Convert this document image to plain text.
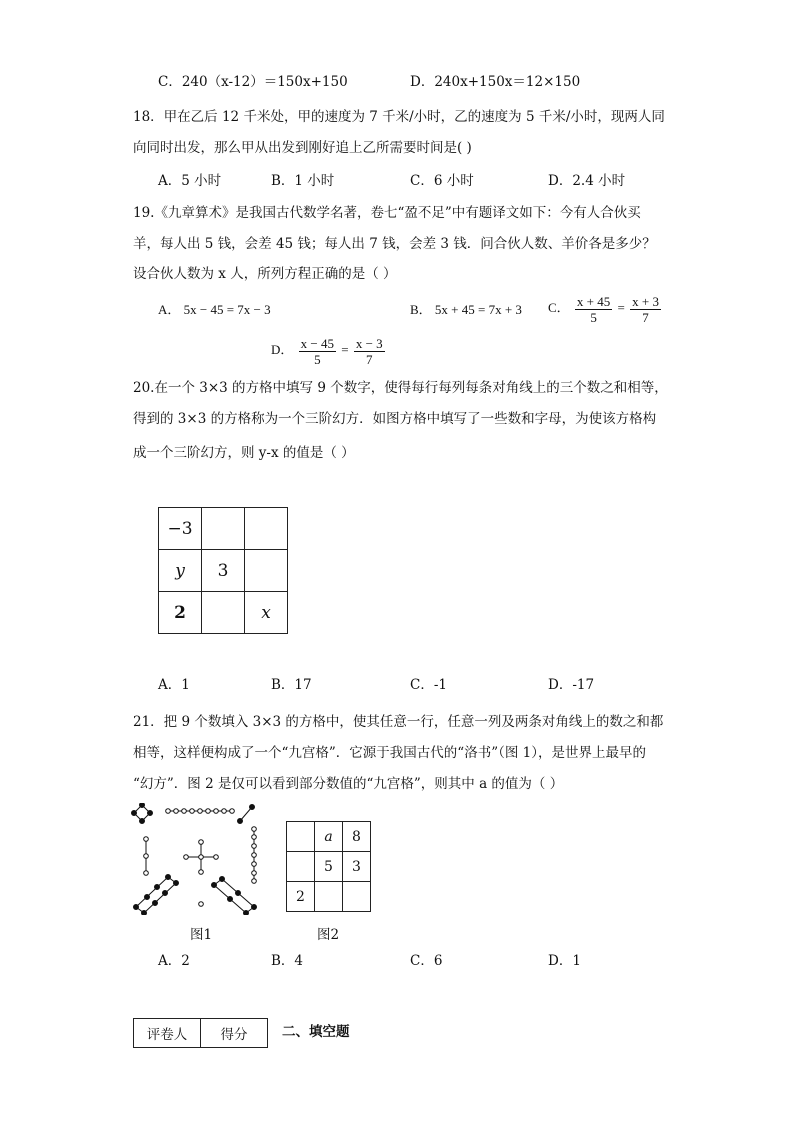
C．240（x-12）＝150x+150	D．240x+150x＝12×150
18．甲在乙后 12 千米处，甲的速度为 7 千米/小时，乙的速度为 5 千米/小时，现两人同
向同时出发，那么甲从出发到刚好追上乙所需要时间是( )
A．5 小时	B．1 小时	C．6 小时	D．2.4 小时
19.《九章算术》是我国古代数学名著，卷七“盈不足”中有题译文如下：今有人合伙买
羊，每人出 5 钱，会差 45 钱；每人出 7 钱，会差 3 钱．问合伙人数、羊价各是多少？
设合伙人数为 x 人，所列方程正确的是（ ）
A． 5x − 45 = 7x − 3	B． 5x + 45 = 7x + 3 C． $\frac{x + 45}{5} = \frac{x + 3}{7}$
D． $\frac{x - 45}{5} = \frac{x - 3}{7}$
20.在一个 3×3 的方格中填写 9 个数字，使得每行每列每条对角线上的三个数之和相等，
得到的 3×3 的方格称为一个三阶幻方．如图方格中填写了一些数和字母，为使该方格构
成一个三阶幻方，则 y-x 的值是（ ）
−3		
y	3	
2		x
A．1	B．17	C．-1	D．-17
21．把 9 个数填入 3×3 的方格中，使其任意一行，任意一列及两条对角线上的数之和都
相等，这样便构成了一个“九宫格”．它源于我国古代的“洛书”（图 1），是世界上最早的
“幻方”．图 2 是仅可以看到部分数值的“九宫格”，则其中 a 的值为（ ）
图1
	a	8
	5	3
2		
图2
A．2	B．4	C．6	D．1
评卷人	得分	二、填空题
